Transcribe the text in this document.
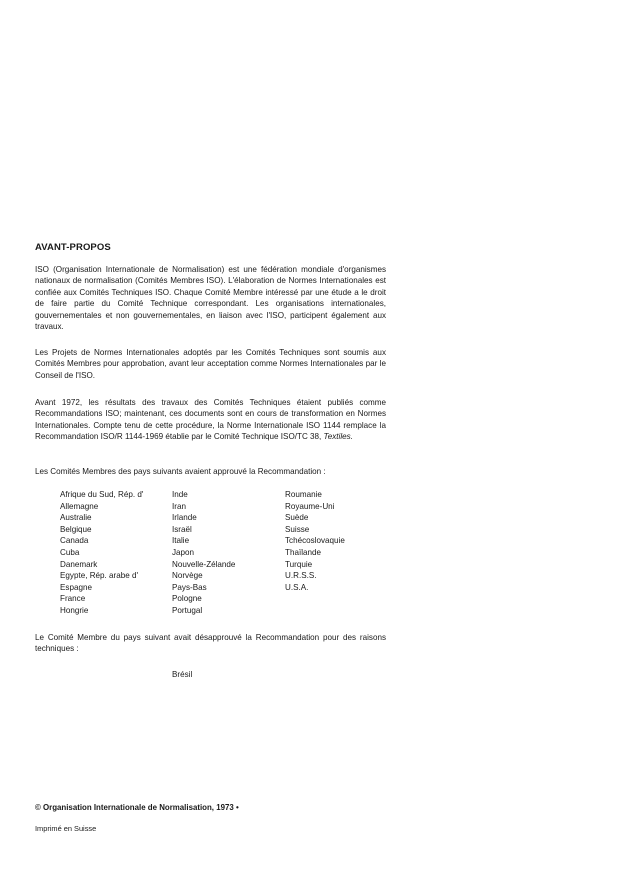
AVANT-PROPOS

ISO (Organisation Internationale de Normalisation) est une fédération mondiale d'organismes nationaux de normalisation (Comités Membres ISO). L'élaboration de Normes Internationales est confiée aux Comités Techniques ISO. Chaque Comité Membre intéressé par une étude a le droit de faire partie du Comité Technique correspondant. Les organisations internationales, gouvernementales et non gouvernementales, en liaison avec l'ISO, participent également aux travaux.

Les Projets de Normes Internationales adoptés par les Comités Techniques sont soumis aux Comités Membres pour approbation, avant leur acceptation comme Normes Internationales par le Conseil de l'ISO.

Avant 1972, les résultats des travaux des Comités Techniques étaient publiés comme Recommandations ISO; maintenant, ces documents sont en cours de transformation en Normes Internationales. Compte tenu de cette procédure, la Norme Internationale ISO 1144 remplace la Recommandation ISO/R 1144-1969 établie par le Comité Technique ISO/TC 38, Textiles.

Les Comités Membres des pays suivants avaient approuvé la Recommandation :

Afrique du Sud, Rép. d'
Allemagne
Australie
Belgique
Canada
Cuba
Danemark
Egypte, Rép. arabe d'
Espagne
France
Hongrie
Inde
Iran
Irlande
Israël
Italie
Japon
Nouvelle-Zélande
Norvège
Pays-Bas
Pologne
Portugal
Roumanie
Royaume-Uni
Suède
Suisse
Tchécoslovaquie
Thaïlande
Turquie
U.R.S.S.
U.S.A.

Le Comité Membre du pays suivant avait désapprouvé la Recommandation pour des raisons techniques :

Brésil
© Organisation Internationale de Normalisation, 1973 •
Imprimé en Suisse
